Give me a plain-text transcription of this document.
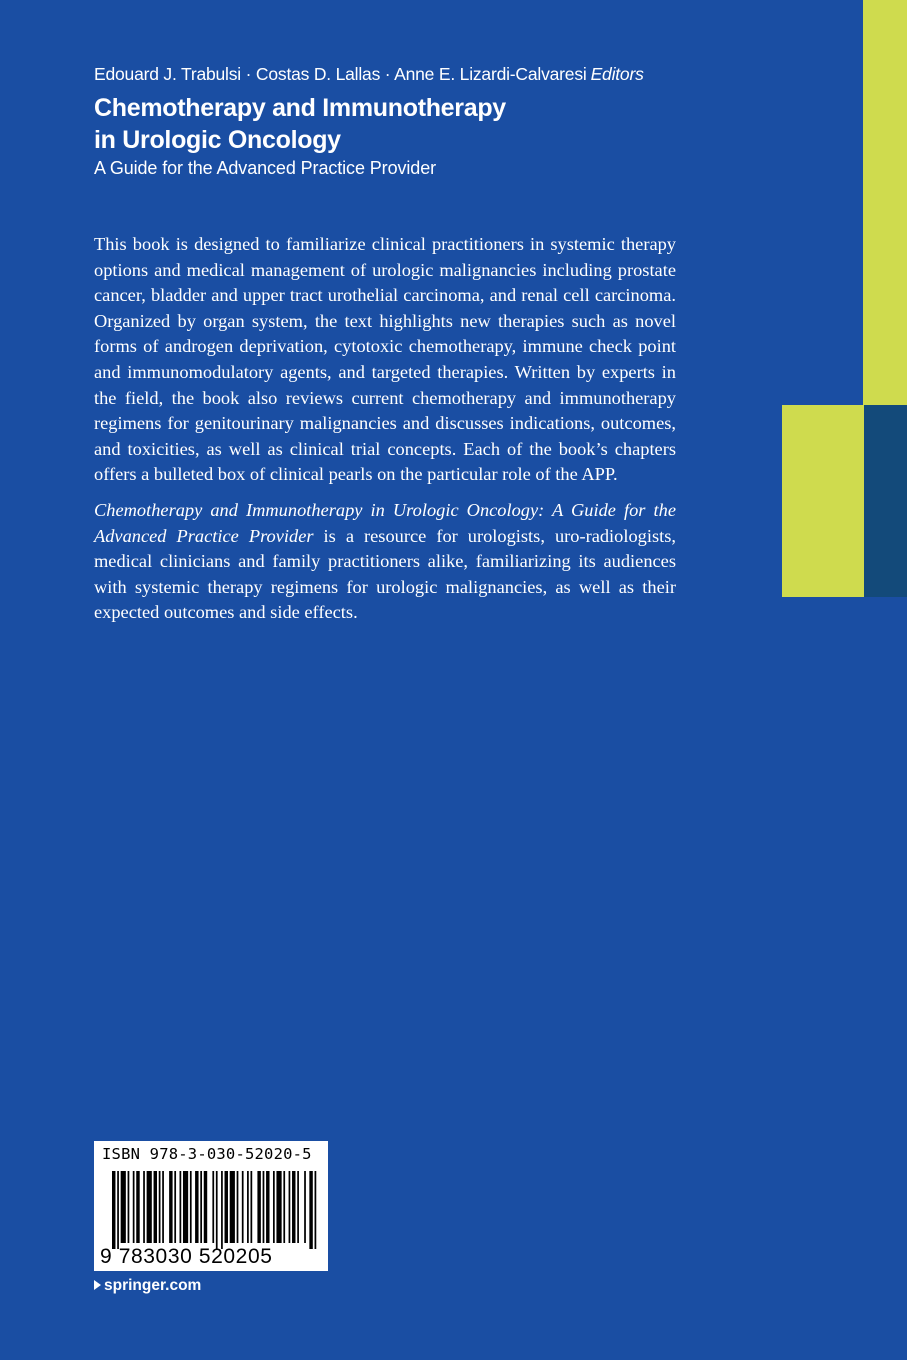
Edouard J. Trabulsi · Costas D. Lallas · Anne E. Lizardi-Calvaresi Editors
Chemotherapy and Immunotherapy
in Urologic Oncology
A Guide for the Advanced Practice Provider

This book is designed to familiarize clinical practitioners in systemic therapy options and medical management of urologic malignancies including prostate cancer, bladder and upper tract urothelial carcinoma, and renal cell carcinoma. Organized by organ system, the text highlights new therapies such as novel forms of androgen deprivation, cytotoxic chemotherapy, immune check point and immunomodulatory agents, and targeted therapies. Written by experts in the field, the book also reviews current chemotherapy and immunotherapy regimens for genitourinary malignancies and discusses indications, outcomes, and toxicities, as well as clinical trial concepts. Each of the book’s chapters offers a bulleted box of clinical pearls on the particular role of the APP.

Chemotherapy and Immunotherapy in Urologic Oncology: A Guide for the Advanced Practice Provider is a resource for urologists, uro-radiologists, medical clinicians and family practitioners alike, familiarizing its audiences with systemic therapy regimens for urologic malignancies, as well as their expected outcomes and side effects.

ISBN 978-3-030-52020-5
9 783030 520205
springer.com
